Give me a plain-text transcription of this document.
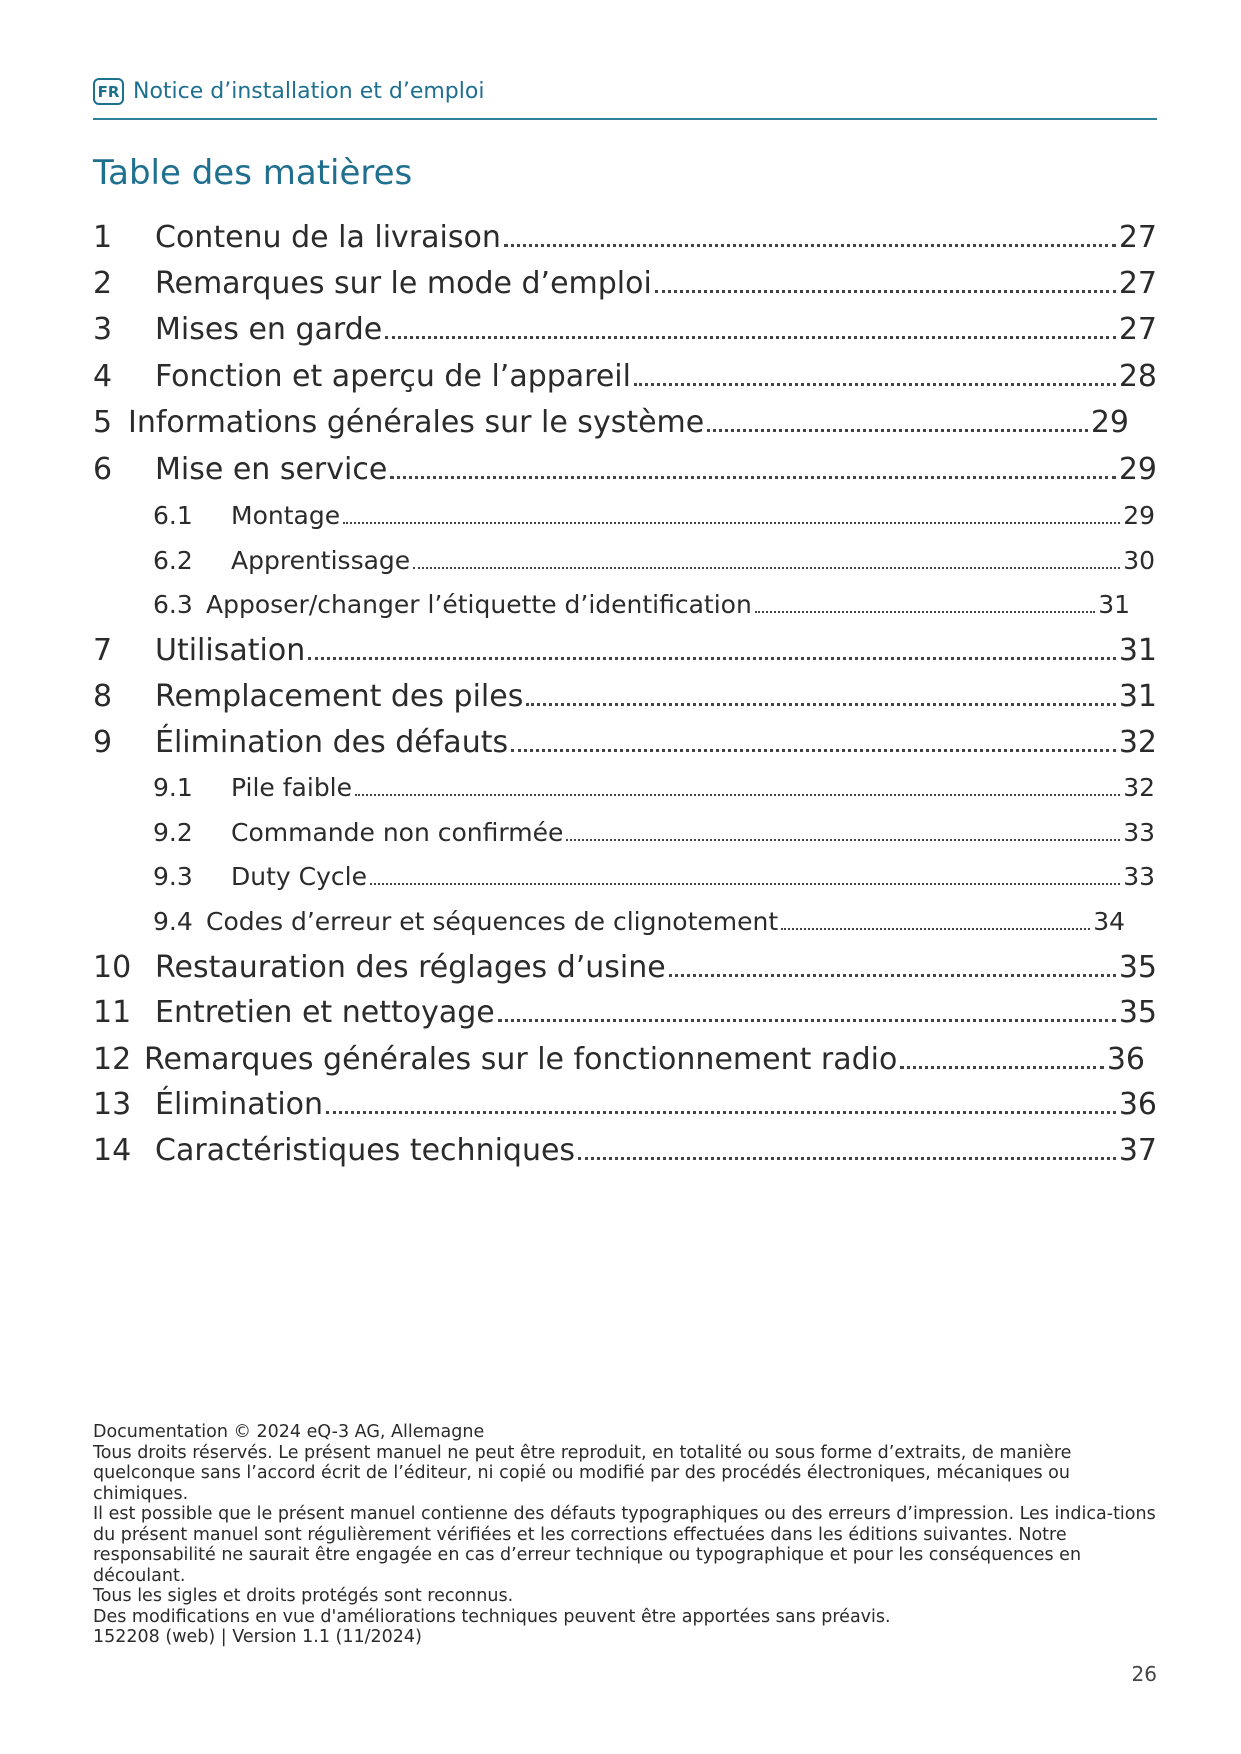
FR Notice d’installation et d’emploi
Table des matières
1	Contenu de la livraison	27
2	Remarques sur le mode d’emploi	27
3	Mises en garde	27
4	Fonction et aperçu de l’appareil	28
5 Informations générales sur le système	29
6	Mise en service	29
6.1	Montage	29
6.2	Apprentissage	30
6.3 Apposer/changer l’étiquette d’identification	31
7	Utilisation	31
8	Remplacement des piles	31
9	Élimination des défauts	32
9.1	Pile faible	32
9.2	Commande non confirmée	33
9.3	Duty Cycle	33
9.4 Codes d’erreur et séquences de clignotement	34
10 Restauration des réglages d’usine	35
11 Entretien et nettoyage	35
12 Remarques générales sur le fonctionnement radio	36
13 Élimination	36
14 Caractéristiques techniques	37

Documentation © 2024 eQ-3 AG, Allemagne

Tous droits réservés. Le présent manuel ne peut être reproduit, en totalité ou sous forme d’extraits, de manière quelconque sans l’accord écrit de l’éditeur, ni copié ou modifié par des procédés électroniques, mécaniques ou chimiques.

Il est possible que le présent manuel contienne des défauts typographiques ou des erreurs d’impression. Les indica-tions du présent manuel sont régulièrement vérifiées et les corrections effectuées dans les éditions suivantes. Notre responsabilité ne saurait être engagée en cas d’erreur technique ou typographique et pour les conséquences en découlant.

Tous les sigles et droits protégés sont reconnus.

Des modifications en vue d'améliorations techniques peuvent être apportées sans préavis.

152208 (web) | Version 1.1 (11/2024)

26
